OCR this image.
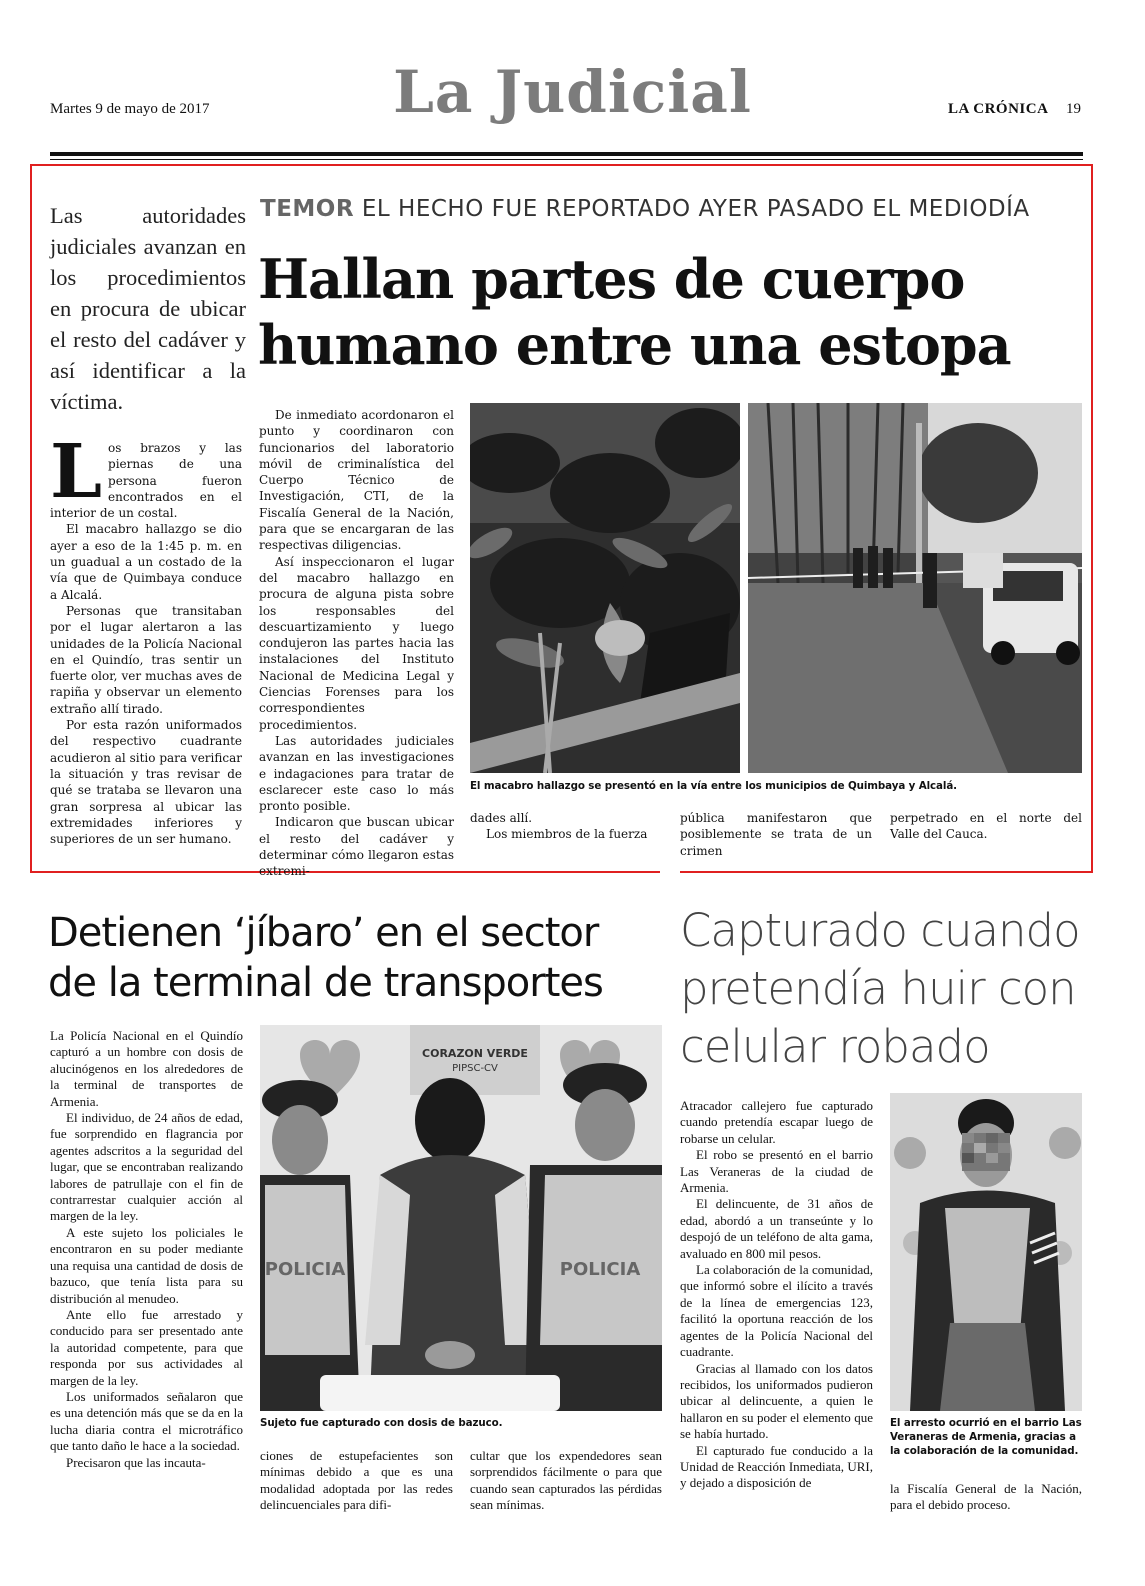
Martes 9 de mayo de 2017	La Judicial	LA CRÓNICA 19
Las autoridades judiciales avanzan en los procedimientos en procura de ubicar el resto del cadáver y así identificar a la víctima.
TEMOR EL HECHO FUE REPORTADO AYER PASADO EL MEDIODÍA
Hallan partes de cuerpo
humano entre una estopa
L os brazos y las piernas de una persona fueron encontrados en el interior de un costal.

El macabro hallazgo se dio ayer a eso de la 1:45 p. m. en un guadual a un costado de la vía que de Quimbaya conduce a Alcalá.

Personas que transitaban por el lugar alertaron a las unidades de la Policía Nacional en el Quindío, tras sentir un fuerte olor, ver muchas aves de rapiña y observar un elemento extraño allí tirado.

Por esta razón uniformados del respectivo cuadrante acudieron al sitio para verificar la situación y tras revisar de qué se trataba se llevaron una gran sorpresa al ubicar las extremidades inferiores y superiores de un ser humano.

De inmediato acordonaron el punto y coordinaron con funcionarios del laboratorio móvil de criminalística del Cuerpo Técnico de Investigación, CTI, de la Fiscalía General de la Nación, para que se encargaran de las respectivas diligencias.

Así inspeccionaron el lugar del macabro hallazgo en procura de alguna pista sobre los responsables del descuartizamiento y luego condujeron las partes hacia las instalaciones del Instituto Nacional de Medicina Legal y Ciencias Forenses para los correspondientes procedimientos.

Las autoridades judiciales avanzan en las investigaciones e indagaciones para tratar de esclarecer este caso lo más pronto posible.

Indicaron que buscan ubicar el resto del cadáver y determinar cómo llegaron estas extremi-

El macabro hallazgo se presentó en la vía entre los municipios de Quimbaya y Alcalá.

dades allí.

Los miembros de la fuerza

pública manifestaron que posiblemente se trata de un crimen

perpetrado en el norte del Valle del Cauca.

Detienen ‘jíbaro’ en el sector
de la terminal de transportes

La Policía Nacional en el Quindío capturó a un hombre con dosis de alucinógenos en los alrededores de la terminal de transportes de Armenia.

El individuo, de 24 años de edad, fue sorprendido en flagrancia por agentes adscritos a la seguridad del lugar, que se encontraban realizando labores de patrullaje con el fin de contrarrestar cualquier acción al margen de la ley.

A este sujeto los policiales le encontraron en su poder mediante una requisa una cantidad de dosis de bazuco, que tenía lista para su distribución al menudeo.

Ante ello fue arrestado y conducido para ser presentado ante la autoridad competente, para que responda por sus actividades al margen de la ley.

Los uniformados señalaron que es una detención más que se da en la lucha diaria contra el microtráfico que tanto daño le hace a la sociedad.

Precisaron que las incauta-

CORAZON VERDE
PIPSC-CV
POLICIA	POLICIA
Sujeto fue capturado con dosis de bazuco.

ciones de estupefacientes son mínimas debido a que es una modalidad adoptada por las redes delincuenciales para difi-

cultar que los expendedores sean sorprendidos fácilmente o para que cuando sean capturados las pérdidas sean mínimas.

Capturado cuando
pretendía huir con
celular robado

Atracador callejero fue capturado cuando pretendía escapar luego de robarse un celular.

El robo se presentó en el barrio Las Veraneras de la ciudad de Armenia.

El delincuente, de 31 años de edad, abordó a un transeúnte y lo despojó de un teléfono de alta gama, avaluado en 800 mil pesos.

La colaboración de la comunidad, que informó sobre el ilícito a través de la línea de emergencias 123, facilitó la oportuna reacción de los agentes de la Policía Nacional del cuadrante.

Gracias al llamado con los datos recibidos, los uniformados pudieron ubicar al delincuente, a quien le hallaron en su poder el elemento que se había hurtado.

El capturado fue conducido a la Unidad de Reacción Inmediata, URI, y dejado a disposición de

El arresto ocurrió en el barrio Las Veraneras de Armenia, gracias a la colaboración de la comunidad.

la Fiscalía General de la Nación, para el debido proceso.
